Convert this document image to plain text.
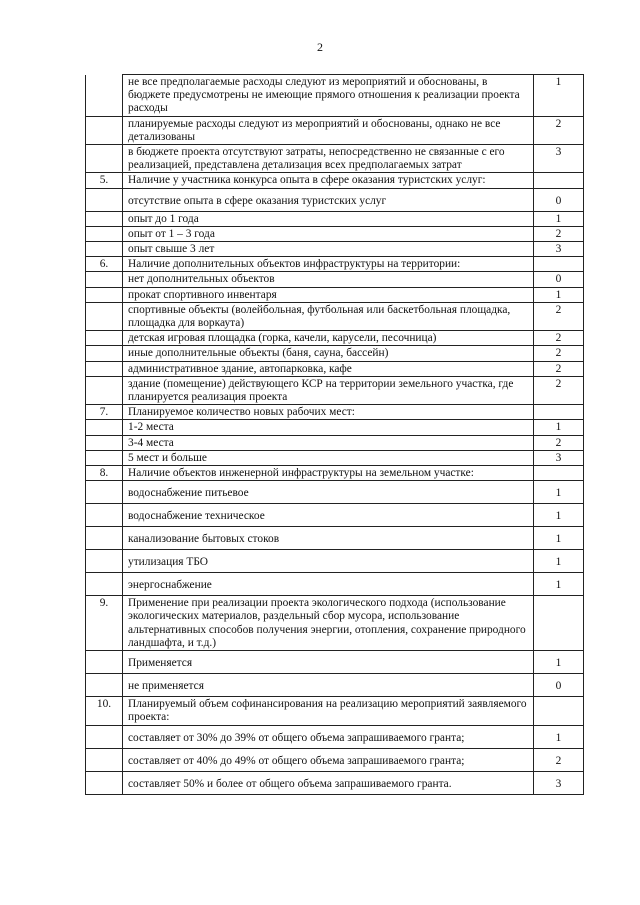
2
	не все предполагаемые расходы следуют из мероприятий и обоснованы, в бюджете предусмотрены не имеющие прямого отношения к реализации проекта расходы	1
	планируемые расходы следуют из мероприятий и обоснованы, однако не все детализованы	2
	в бюджете проекта отсутствуют затраты, непосредственно не связанные с его реализацией, представлена детализация всех предполагаемых затрат	3
5.	Наличие у участника конкурса опыта в сфере оказания туристских услуг:	
	отсутствие опыта в сфере оказания туристских услуг	0
	опыт до 1 года	1
	опыт от 1 – 3 года	2
	опыт свыше 3 лет	3
6.	Наличие дополнительных объектов инфраструктуры на территории:	
	нет дополнительных объектов	0
	прокат спортивного инвентаря	1
	спортивные объекты (волейбольная, футбольная или баскетбольная площадка, площадка для воркаута)	2
	детская игровая площадка (горка, качели, карусели, песочница)	2
	иные дополнительные объекты (баня, сауна, бассейн)	2
	административное здание, автопарковка, кафе	2
	здание (помещение) действующего КСР на территории земельного участка, где планируется реализация проекта	2
7.	Планируемое количество новых рабочих мест:	
	1-2 места	1
	3-4 места	2
	5 мест и больше	3
8.	Наличие объектов инженерной инфраструктуры на земельном участке:	
	водоснабжение питьевое	1
	водоснабжение техническое	1
	канализование бытовых стоков	1
	утилизация ТБО	1
	энергоснабжение	1
9.	Применение при реализации проекта экологического подхода (использование экологических материалов, раздельный сбор мусора, использование альтернативных способов получения энергии, отопления, сохранение природного ландшафта, и т.д.)	
	Применяется	1
	не применяется	0
10.	Планируемый объем софинансирования на реализацию мероприятий заявляемого проекта:	
	составляет от 30% до 39% от общего объема запрашиваемого гранта;	1
	составляет от 40% до 49% от общего объема запрашиваемого гранта;	2
	составляет 50% и более от общего объема запрашиваемого гранта.	3
